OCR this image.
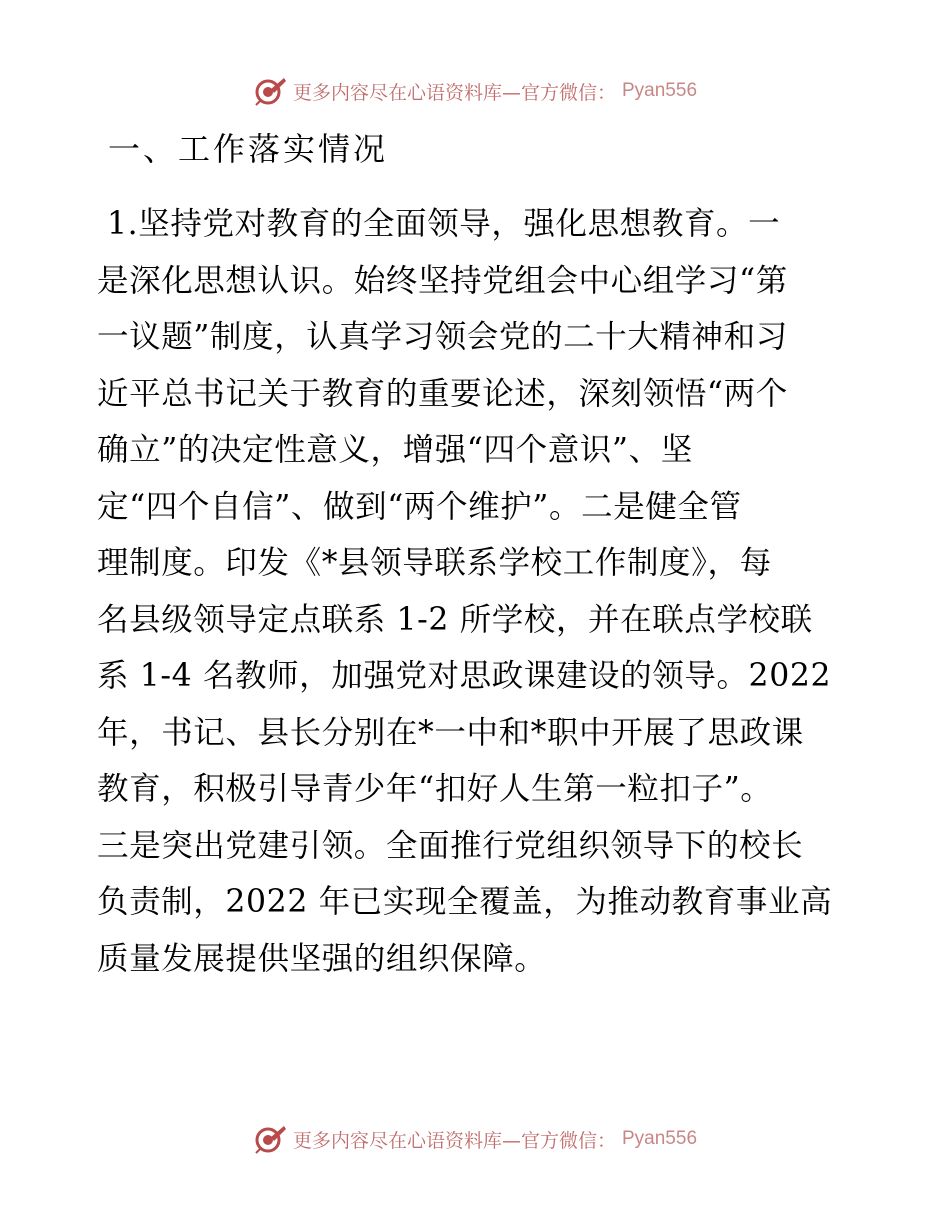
更多内容尽在心语资料库—官方微信： Pyan556
一、工作落实情况
1.坚持党对教育的全面领导，强化思想教育。一
是深化思想认识。始终坚持党组会中心组学习“第
一议题”制度，认真学习领会党的二十大精神和习
近平总书记关于教育的重要论述，深刻领悟“两个
确立”的决定性意义，增强“四个意识”、坚
定“四个自信”、做到“两个维护”。二是健全管
理制度。印发《*县领导联系学校工作制度》，每
名县级领导定点联系 1-2 所学校，并在联点学校联
系 1-4 名教师，加强党对思政课建设的领导。2022
年，书记、县长分别在*一中和*职中开展了思政课
教育，积极引导青少年“扣好人生第一粒扣子”。
三是突出党建引领。全面推行党组织领导下的校长
负责制，2022 年已实现全覆盖，为推动教育事业高
质量发展提供坚强的组织保障。
更多内容尽在心语资料库—官方微信： Pyan556
